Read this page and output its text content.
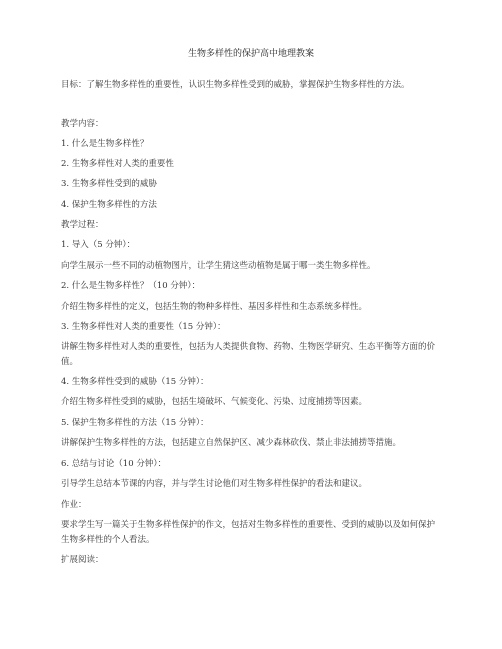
生物多样性的保护高中地理教案
目标：了解生物多样性的重要性，认识生物多样性受到的威胁，掌握保护生物多样性的方法。
教学内容：
1. 什么是生物多样性？
2. 生物多样性对人类的重要性
3. 生物多样性受到的威胁
4. 保护生物多样性的方法
教学过程：
1. 导入（5 分钟）：
向学生展示一些不同的动植物图片，让学生猜这些动植物是属于哪一类生物多样性。
2. 什么是生物多样性？（10 分钟）：
介绍生物多样性的定义，包括生物的物种多样性、基因多样性和生态系统多样性。
3. 生物多样性对人类的重要性（15 分钟）：
讲解生物多样性对人类的重要性，包括为人类提供食物、药物、生物医学研究、生态平衡等方面的价值。
4. 生物多样性受到的威胁（15 分钟）：
介绍生物多样性受到的威胁，包括生境破坏、气候变化、污染、过度捕捞等因素。
5. 保护生物多样性的方法（15 分钟）：
讲解保护生物多样性的方法，包括建立自然保护区、减少森林砍伐、禁止非法捕捞等措施。
6. 总结与讨论（10 分钟）：
引导学生总结本节课的内容，并与学生讨论他们对生物多样性保护的看法和建议。
作业：
要求学生写一篇关于生物多样性保护的作文，包括对生物多样性的重要性、受到的威胁以及如何保护生物多样性的个人看法。
扩展阅读：
